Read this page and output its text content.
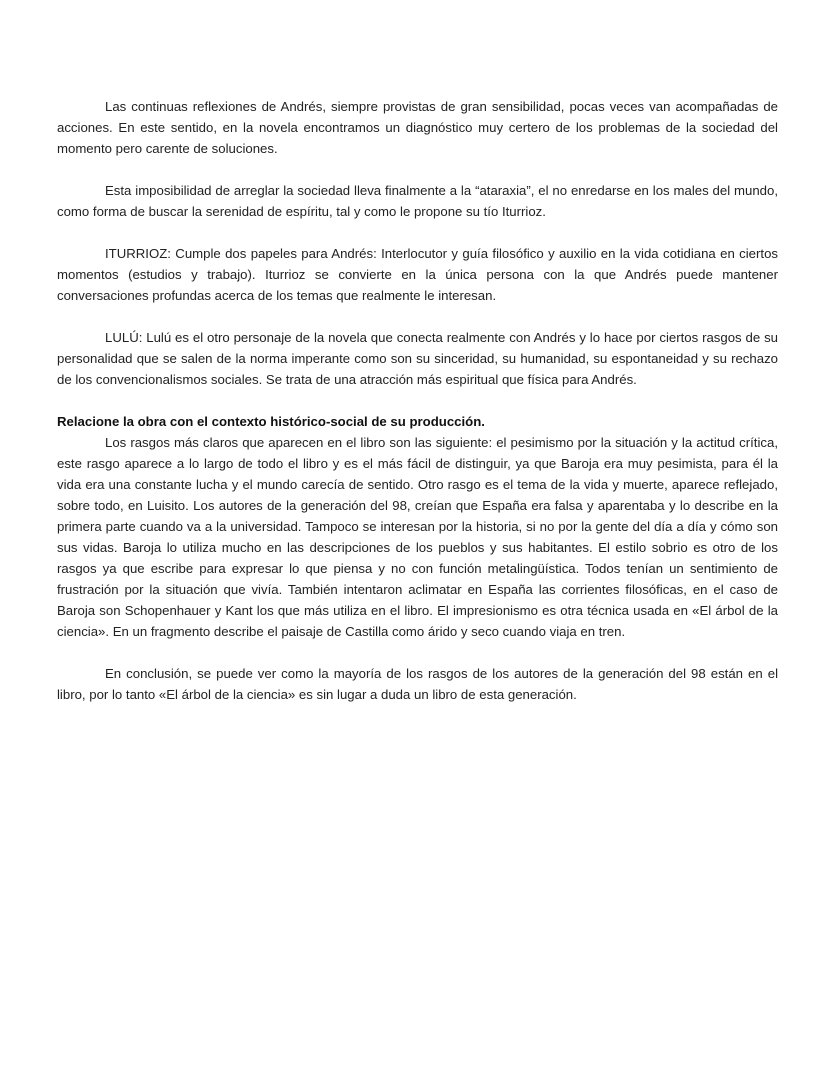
Las continuas reflexiones de Andrés, siempre provistas de gran sensibilidad, pocas veces van acompañadas de acciones. En este sentido, en la novela encontramos un diagnóstico muy certero de los problemas de la sociedad del momento pero carente de soluciones.

Esta imposibilidad de arreglar la sociedad lleva finalmente a la “ataraxia”, el no enredarse en los males del mundo, como forma de buscar la serenidad de espíritu, tal y como le propone su tío Iturrioz.

ITURRIOZ: Cumple dos papeles para Andrés: Interlocutor y guía filosófico y auxilio en la vida cotidiana en ciertos momentos (estudios y trabajo). Iturrioz se convierte en la única persona con la que Andrés puede mantener conversaciones profundas acerca de los temas que realmente le interesan.

LULÚ: Lulú es el otro personaje de la novela que conecta realmente con Andrés y lo hace por ciertos rasgos de su personalidad que se salen de la norma imperante como son su sinceridad, su humanidad, su espontaneidad y su rechazo de los convencionalismos sociales. Se trata de una atracción más espiritual que física para Andrés.

Relacione la obra con el contexto histórico-social de su producción.

Los rasgos más claros que aparecen en el libro son las siguiente: el pesimismo por la situación y la actitud crítica, este rasgo aparece a lo largo de todo el libro y es el más fácil de distinguir, ya que Baroja era muy pesimista, para él la vida era una constante lucha y el mundo carecía de sentido. Otro rasgo es el tema de la vida y muerte, aparece reflejado, sobre todo, en Luisito. Los autores de la generación del 98, creían que España era falsa y aparentaba y lo describe en la primera parte cuando va a la universidad. Tampoco se interesan por la historia, si no por la gente del día a día y cómo son sus vidas. Baroja lo utiliza mucho en las descripciones de los pueblos y sus habitantes. El estilo sobrio es otro de los rasgos ya que escribe para expresar lo que piensa y no con función metalingüística. Todos tenían un sentimiento de frustración por la situación que vivía. También intentaron aclimatar en España las corrientes filosóficas, en el caso de Baroja son Schopenhauer y Kant los que más utiliza en el libro. El impresionismo es otra técnica usada en «El árbol de la ciencia». En un fragmento describe el paisaje de Castilla como árido y seco cuando viaja en tren.

En conclusión, se puede ver como la mayoría de los rasgos de los autores de la generación del 98 están en el libro, por lo tanto «El árbol de la ciencia» es sin lugar a duda un libro de esta generación.
